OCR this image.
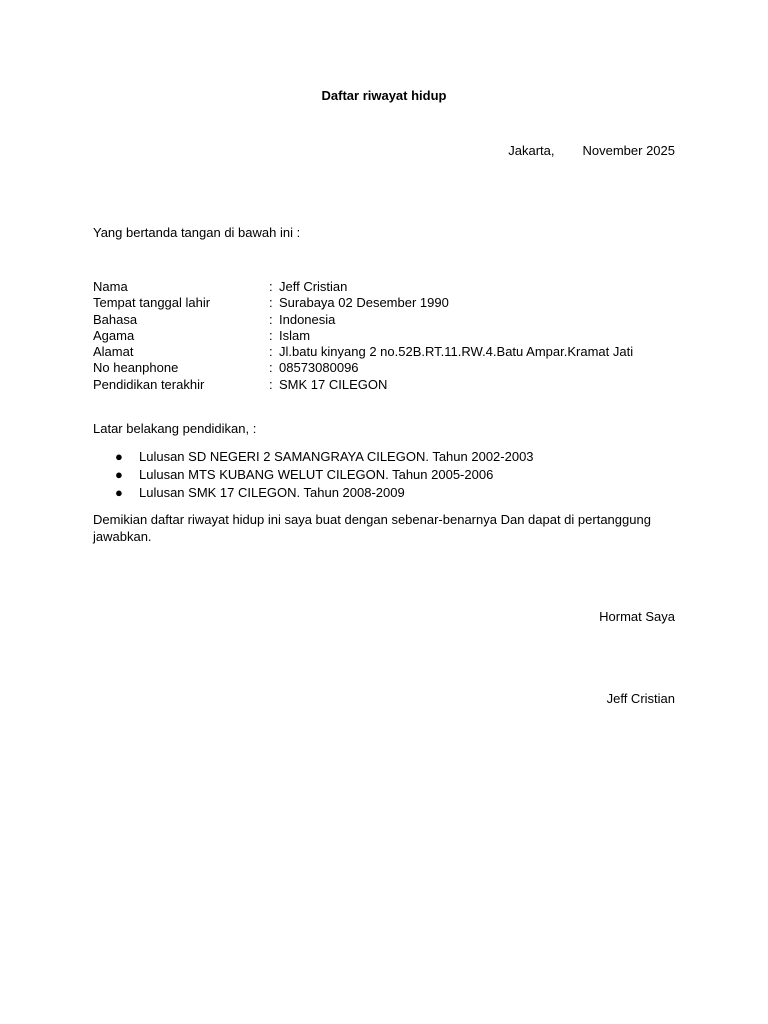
Daftar riwayat hidup
Jakarta, November 2025
Yang bertanda tangan di bawah ini :
Nama	:	Jeff Cristian
Tempat tanggal lahir	:	Surabaya 02 Desember 1990
Bahasa	:	Indonesia
Agama	:	Islam
Alamat	:	Jl.batu kinyang 2 no.52B.RT.11.RW.4.Batu Ampar.Kramat Jati
No heanphone	:	08573080096
Pendidikan terakhir	:	SMK 17 CILEGON
Latar belakang pendidikan, :
● Lulusan SD NEGERI 2 SAMANGRAYA CILEGON. Tahun 2002-2003
● Lulusan MTS KUBANG WELUT CILEGON. Tahun 2005-2006
● Lulusan SMK 17 CILEGON. Tahun 2008-2009
Demikian daftar riwayat hidup ini saya buat dengan sebenar-benarnya Dan dapat di pertanggung jawabkan.
Hormat Saya
Jeff Cristian
